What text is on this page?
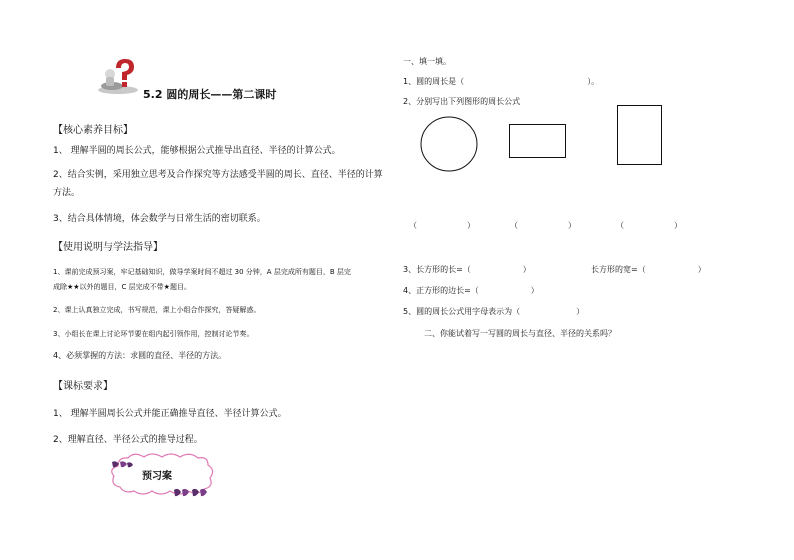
5.2 圆的周长——第二课时
【核心素养目标】
1、 理解半圆的周长公式，能够根据公式推导出直径、半径的计算公式。
2、结合实例，采用独立思考及合作探究等方法感受半圆的周长、直径、半径的计算
方法。
3、结合具体情境，体会数学与日常生活的密切联系。
【使用说明与学法指导】
1、课前完成预习案，牢记基础知识，做导学案时间不超过 30 分钟，A 层完成所有题目，B 层完
成除★★以外的题目，C 层完成不带★题目。
2、课上认真独立完成，书写规范，课上小组合作探究，答疑解惑。
3、小组长在课上讨论环节要在组内起引领作用，控制讨论节奏。
4、必须掌握的方法：求圆的直径、半径的方法。
【课标要求】
1、 理解半圆周长公式并能正确推导直径、半径计算公式。
2、理解直径、半径公式的推导过程。
预习案
一、填一填。
1、圆的周长是（	）。
2、分别写出下列图形的周长公式
（	）	（	）	（	）
3、长方形的长=（	）	长方形的宽=（	）
4、正方形的边长=（	）
5、圆的周长公式用字母表示为（	）
二、你能试着写一写圆的周长与直径、半径的关系吗？
